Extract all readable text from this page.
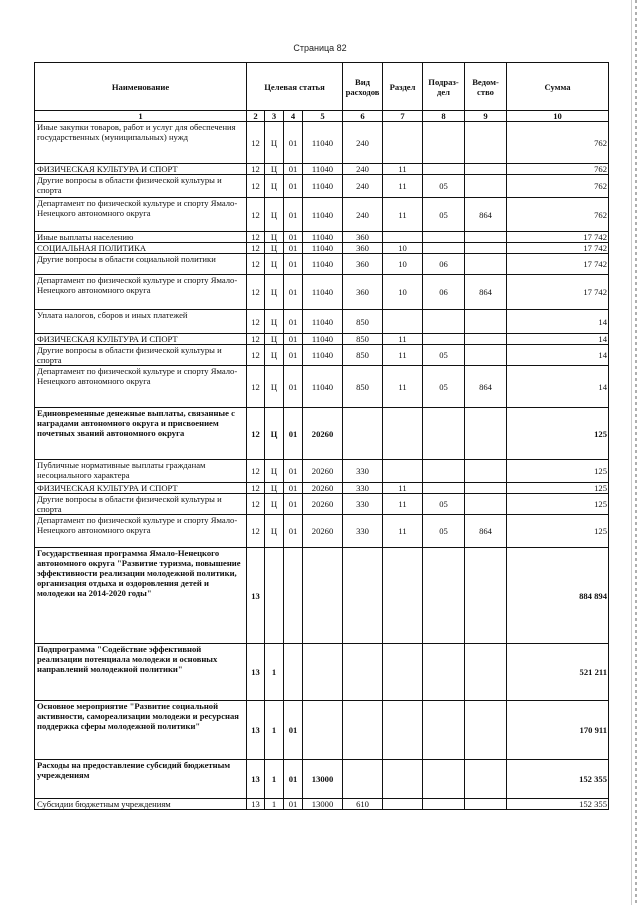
Страница 82
Наименование	Целевая статья				Вид расходов	Раздел	Подраз-дел	Ведом-ство	Сумма
1	2	3	4	5	6	7	8	9	10
Иные закупки товаров, работ и услуг для обеспечения государственных (муниципальных) нужд	12	Ц	01	11040	240				762
ФИЗИЧЕСКАЯ КУЛЬТУРА И СПОРТ	12	Ц	01	11040	240	11			762
Другие вопросы в области физической культуры и спорта	12	Ц	01	11040	240	11	05		762
Департамент по физической культуре и спорту Ямало-Ненецкого автономного округа	12	Ц	01	11040	240	11	05	864	762
Иные выплаты населению	12	Ц	01	11040	360				17 742
СОЦИАЛЬНАЯ ПОЛИТИКА	12	Ц	01	11040	360	10			17 742
Другие вопросы в области социальной политики	12	Ц	01	11040	360	10	06		17 742
Департамент по физической культуре и спорту Ямало-Ненецкого автономного округа	12	Ц	01	11040	360	10	06	864	17 742
Уплата налогов, сборов и иных платежей	12	Ц	01	11040	850				14
ФИЗИЧЕСКАЯ КУЛЬТУРА И СПОРТ	12	Ц	01	11040	850	11			14
Другие вопросы в области физической культуры и спорта	12	Ц	01	11040	850	11	05		14
Департамент по физической культуре и спорту Ямало-Ненецкого автономного округа	12	Ц	01	11040	850	11	05	864	14
Единовременные денежные выплаты, связанные с наградами автономного округа и присвоением почетных званий автономного округа	12	Ц	01	20260					125
Публичные нормативные выплаты гражданам несоциального характера	12	Ц	01	20260	330				125
ФИЗИЧЕСКАЯ КУЛЬТУРА И СПОРТ	12	Ц	01	20260	330	11			125
Другие вопросы в области физической культуры и спорта	12	Ц	01	20260	330	11	05		125
Департамент по физической культуре и спорту Ямало-Ненецкого автономного округа	12	Ц	01	20260	330	11	05	864	125
Государственная программа Ямало-Ненецкого автономного округа "Развитие туризма, повышение эффективности реализации молодежной политики, организация отдыха и оздоровления детей и молодежи на 2014-2020 годы"	13								884 894
Подпрограмма "Содействие эффективной реализации потенциала молодежи и основных направлений молодежной политики"	13	1							521 211
Основное мероприятие "Развитие социальной активности, самореализации молодежи и ресурсная поддержка сферы молодежной политики"	13	1	01						170 911
Расходы на предоставление субсидий бюджетным учреждениям	13	1	01	13000					152 355
Субсидии бюджетным учреждениям	13	1	01	13000	610				152 355
